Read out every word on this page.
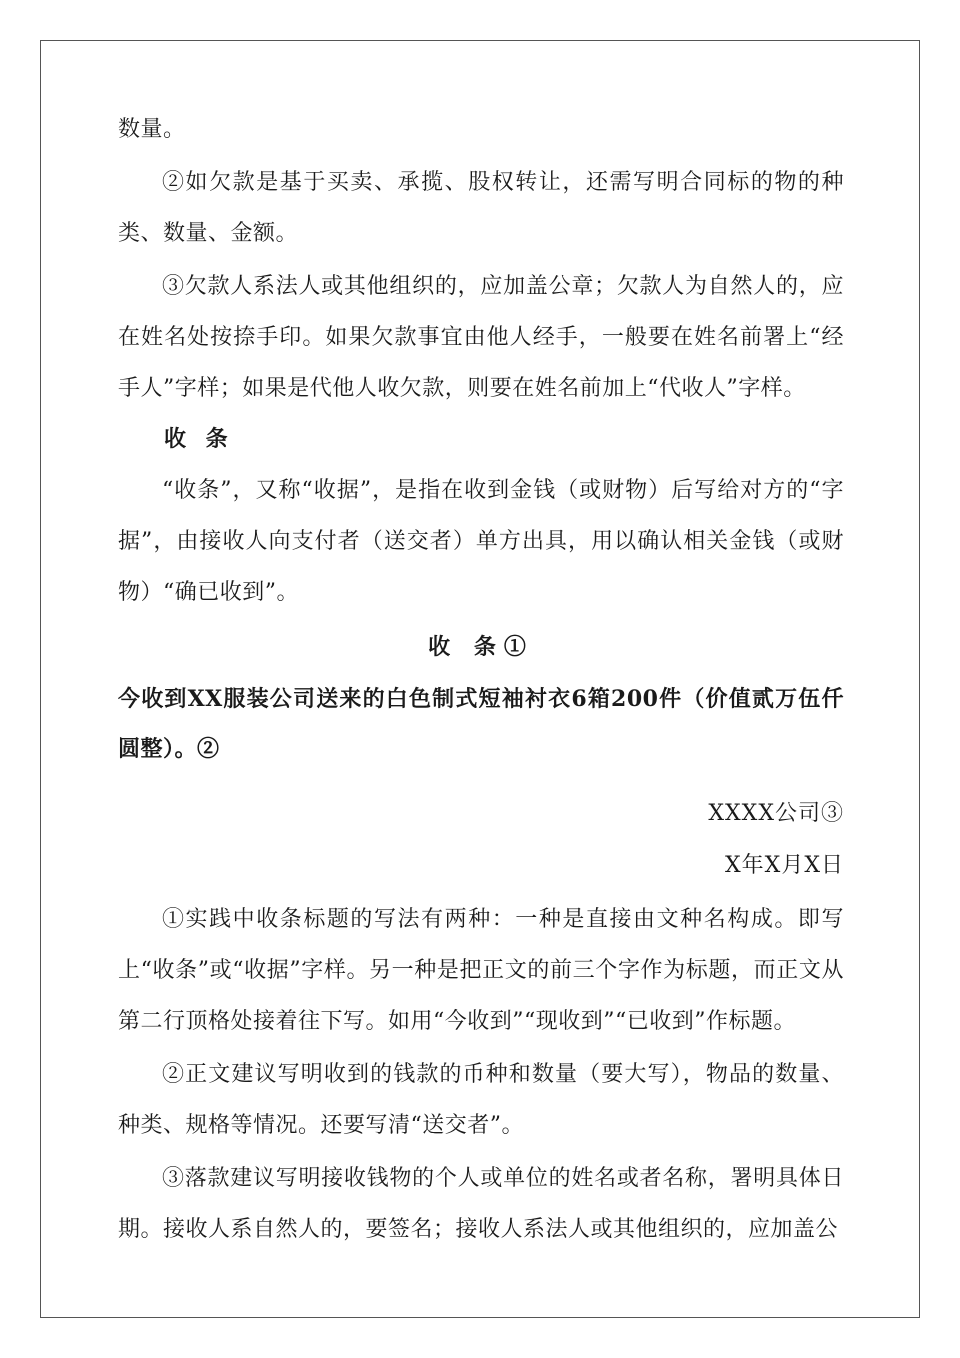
数量。

②如欠款是基于买卖、承揽、股权转让，还需写明合同标的物的种类、数量、金额。

③欠款人系法人或其他组织的，应加盖公章；欠款人为自然人的，应在姓名处按捺手印。如果欠款事宜由他人经手，一般要在姓名前署上“经手人”字样；如果是代他人收欠款，则要在姓名前加上“代收人”字样。

收 条

“收条”，又称“收据”，是指在收到金钱（或财物）后写给对方的“字据”，由接收人向支付者（送交者）单方出具，用以确认相关金钱（或财物）“确已收到”。

收 条①

今收到XX服装公司送来的白色制式短袖衬衣6箱200件（价值贰万伍仟圆整）。②

XXXX公司③

X年X月X日

①实践中收条标题的写法有两种：一种是直接由文种名构成。即写上“收条”或“收据”字样。另一种是把正文的前三个字作为标题，而正文从第二行顶格处接着往下写。如用“今收到”“现收到”“已收到”作标题。

②正文建议写明收到的钱款的币种和数量（要大写），物品的数量、种类、规格等情况。还要写清“送交者”。

③落款建议写明接收钱物的个人或单位的姓名或者名称，署明具体日期。接收人系自然人的，要签名；接收人系法人或其他组织的，应加盖公
